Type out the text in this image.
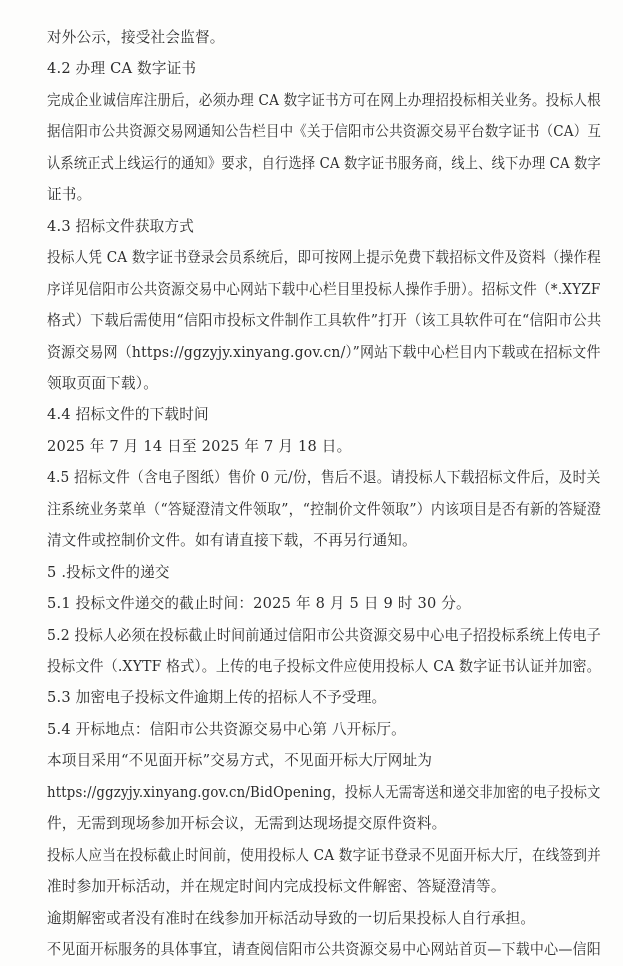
对外公示，接受社会监督。
4.2 办理 CA 数字证书
完成企业诚信库注册后，必须办理 CA 数字证书方可在网上办理招投标相关业务。投标人根
据信阳市公共资源交易网通知公告栏目中《关于信阳市公共资源交易平台数字证书（CA）互
认系统正式上线运行的通知》要求，自行选择 CA 数字证书服务商，线上、线下办理 CA 数字
证书。
4.3 招标文件获取方式
投标人凭 CA 数字证书登录会员系统后，即可按网上提示免费下载招标文件及资料（操作程
序详见信阳市公共资源交易中心网站下载中心栏目里投标人操作手册）。招标文件（*.XYZF
格式）下载后需使用“信阳市投标文件制作工具软件”打开（该工具软件可在“信阳市公共
资源交易网（https://ggzyjy.xinyang.gov.cn/）”网站下载中心栏目内下载或在招标文件
领取页面下载）。
4.4 招标文件的下载时间
2025 年 7 月 14 日至 2025 年 7 月 18 日。
4.5 招标文件（含电子图纸）售价 0 元/份，售后不退。请投标人下载招标文件后，及时关
注系统业务菜单（“答疑澄清文件领取”，“控制价文件领取”）内该项目是否有新的答疑澄
清文件或控制价文件。如有请直接下载，不再另行通知。
5 .投标文件的递交
5.1 投标文件递交的截止时间：2025 年 8 月 5 日 9 时 30 分。
5.2 投标人必须在投标截止时间前通过信阳市公共资源交易中心电子招投标系统上传电子
投标文件（.XYTF 格式）。上传的电子投标文件应使用投标人 CA 数字证书认证并加密。
5.3 加密电子投标文件逾期上传的招标人不予受理。
5.4 开标地点：信阳市公共资源交易中心第 八开标厅。
本项目采用“不见面开标”交易方式，不见面开标大厅网址为
https://ggzyjy.xinyang.gov.cn/BidOpening，投标人无需寄送和递交非加密的电子投标文
件，无需到现场参加开标会议，无需到达现场提交原件资料。
投标人应当在投标截止时间前，使用投标人 CA 数字证书登录不见面开标大厅，在线签到并
准时参加开标活动，并在规定时间内完成投标文件解密、答疑澄清等。
逾期解密或者没有准时在线参加开标活动导致的一切后果投标人自行承担。
不见面开标服务的具体事宜，请查阅信阳市公共资源交易中心网站首页—下载中心—信阳
